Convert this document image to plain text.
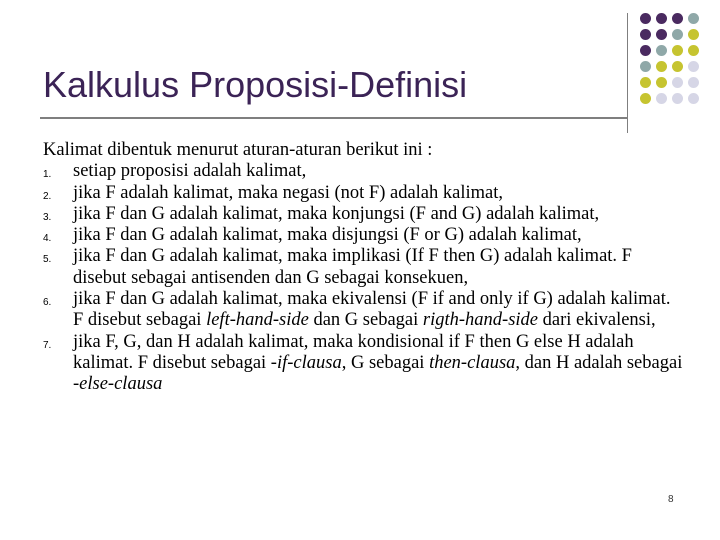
Kalkulus Proposisi-Definisi
Kalimat dibentuk menurut aturan-aturan berikut ini :
1. setiap proposisi adalah kalimat,
2. jika F adalah kalimat, maka negasi (not F) adalah kalimat,
3. jika F dan G adalah kalimat, maka konjungsi (F and G) adalah kalimat,
4. jika F dan G adalah kalimat, maka disjungsi (F or G) adalah kalimat,
5. jika F dan G adalah kalimat, maka implikasi (If F then G) adalah kalimat. F disebut sebagai antisenden dan G sebagai konsekuen,
6. jika F dan G adalah kalimat, maka ekivalensi (F if and only if G) adalah kalimat. F disebut sebagai left-hand-side dan G sebagai rigth-hand-side dari ekivalensi,
7. jika F, G, dan H adalah kalimat, maka kondisional if F then G else H adalah kalimat. F disebut sebagai -if-clausa, G sebagai then-clausa, dan H adalah sebagai -else-clausa
8
